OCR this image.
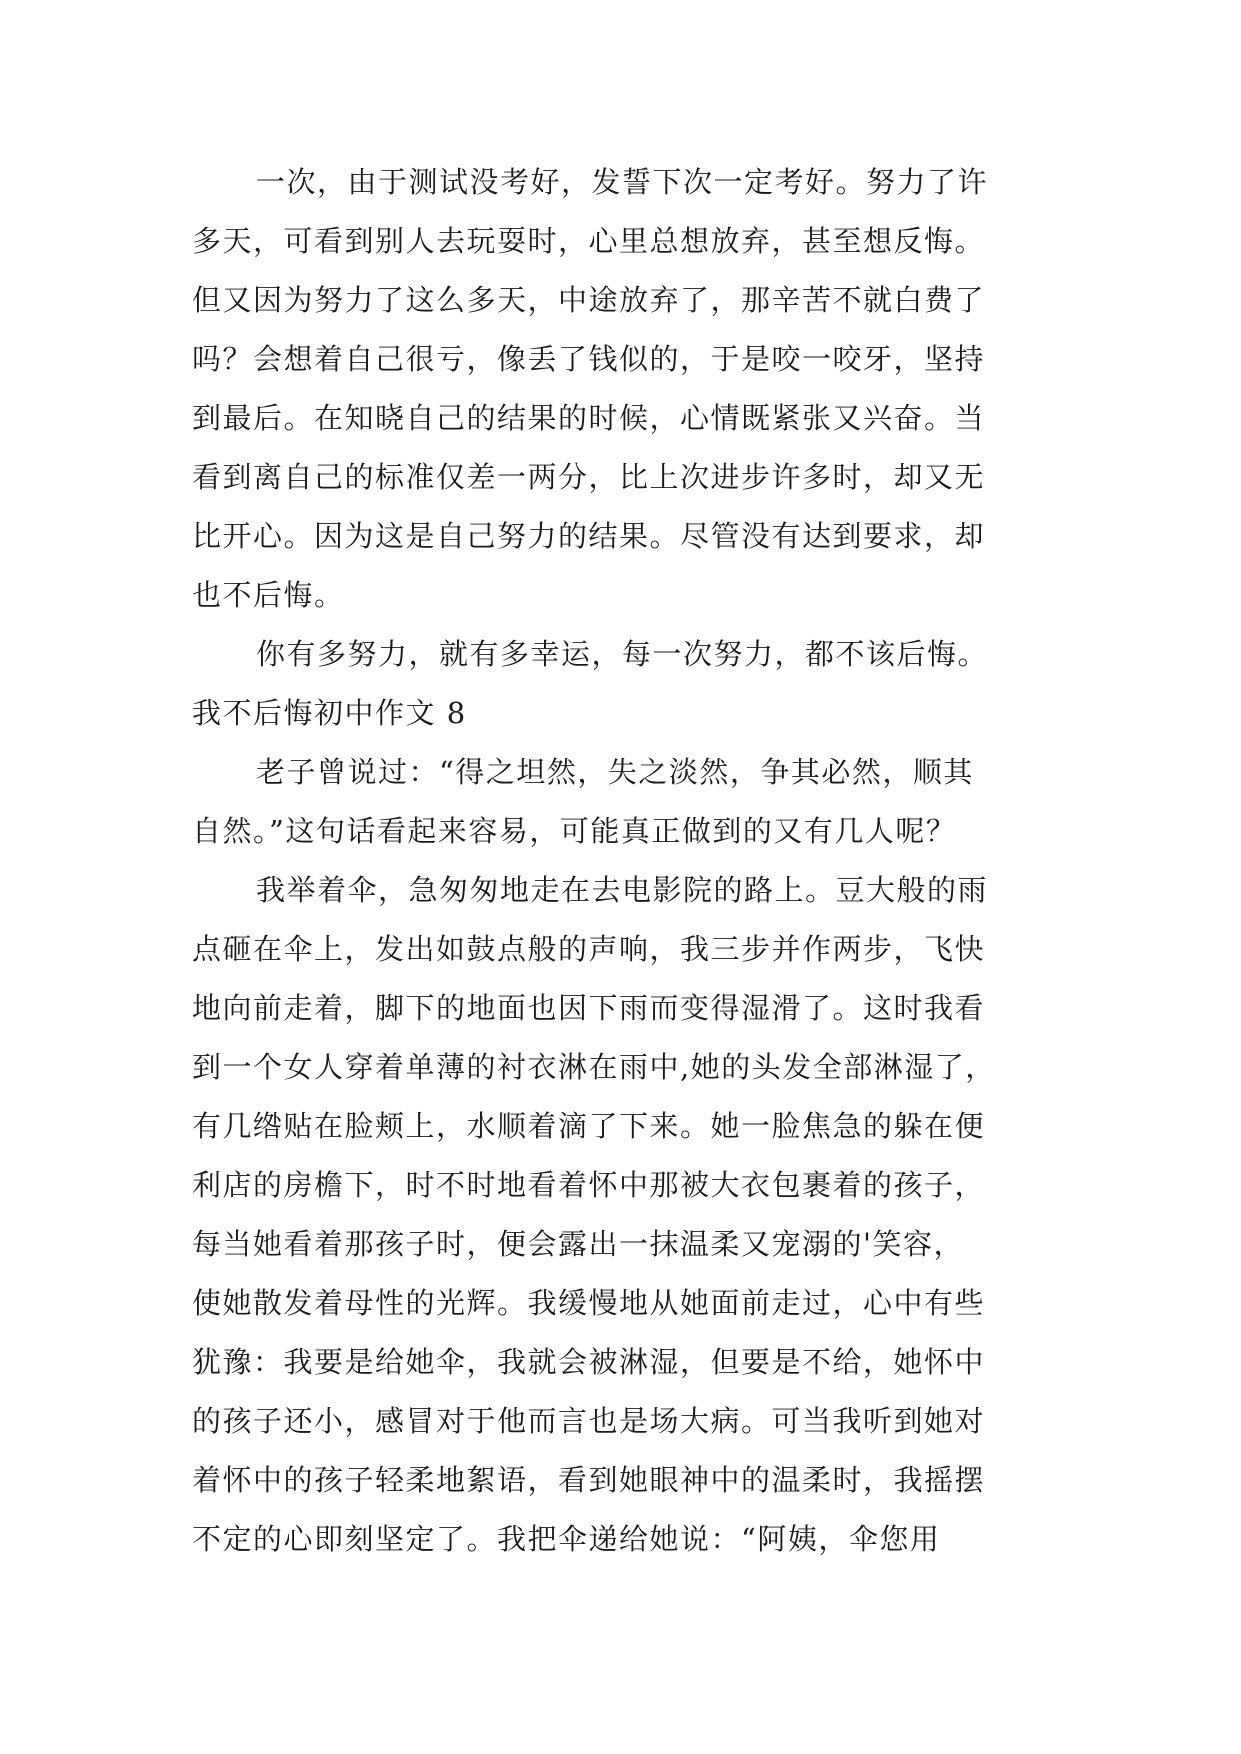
一次，由于测试没考好，发誓下次一定考好。努力了许
多天，可看到别人去玩耍时，心里总想放弃，甚至想反悔。
但又因为努力了这么多天，中途放弃了，那辛苦不就白费了
吗？会想着自己很亏，像丢了钱似的，于是咬一咬牙，坚持
到最后。在知晓自己的结果的时候，心情既紧张又兴奋。当
看到离自己的标准仅差一两分，比上次进步许多时，却又无
比开心。因为这是自己努力的结果。尽管没有达到要求，却
也不后悔。
你有多努力，就有多幸运，每一次努力，都不该后悔。
我不后悔初中作文 8
老子曾说过：“得之坦然，失之淡然，争其必然，顺其
自然。”这句话看起来容易，可能真正做到的又有几人呢？
我举着伞，急匆匆地走在去电影院的路上。豆大般的雨
点砸在伞上，发出如鼓点般的声响，我三步并作两步，飞快
地向前走着，脚下的地面也因下雨而变得湿滑了。这时我看
到一个女人穿着单薄的衬衣淋在雨中,她的头发全部淋湿了，
有几绺贴在脸颊上，水顺着滴了下来。她一脸焦急的躲在便
利店的房檐下，时不时地看着怀中那被大衣包裹着的孩子，
每当她看着那孩子时，便会露出一抹温柔又宠溺的'笑容，
使她散发着母性的光辉。我缓慢地从她面前走过，心中有些
犹豫：我要是给她伞，我就会被淋湿，但要是不给，她怀中
的孩子还小，感冒对于他而言也是场大病。可当我听到她对
着怀中的孩子轻柔地絮语，看到她眼神中的温柔时，我摇摆
不定的心即刻坚定了。我把伞递给她说：“阿姨，伞您用
